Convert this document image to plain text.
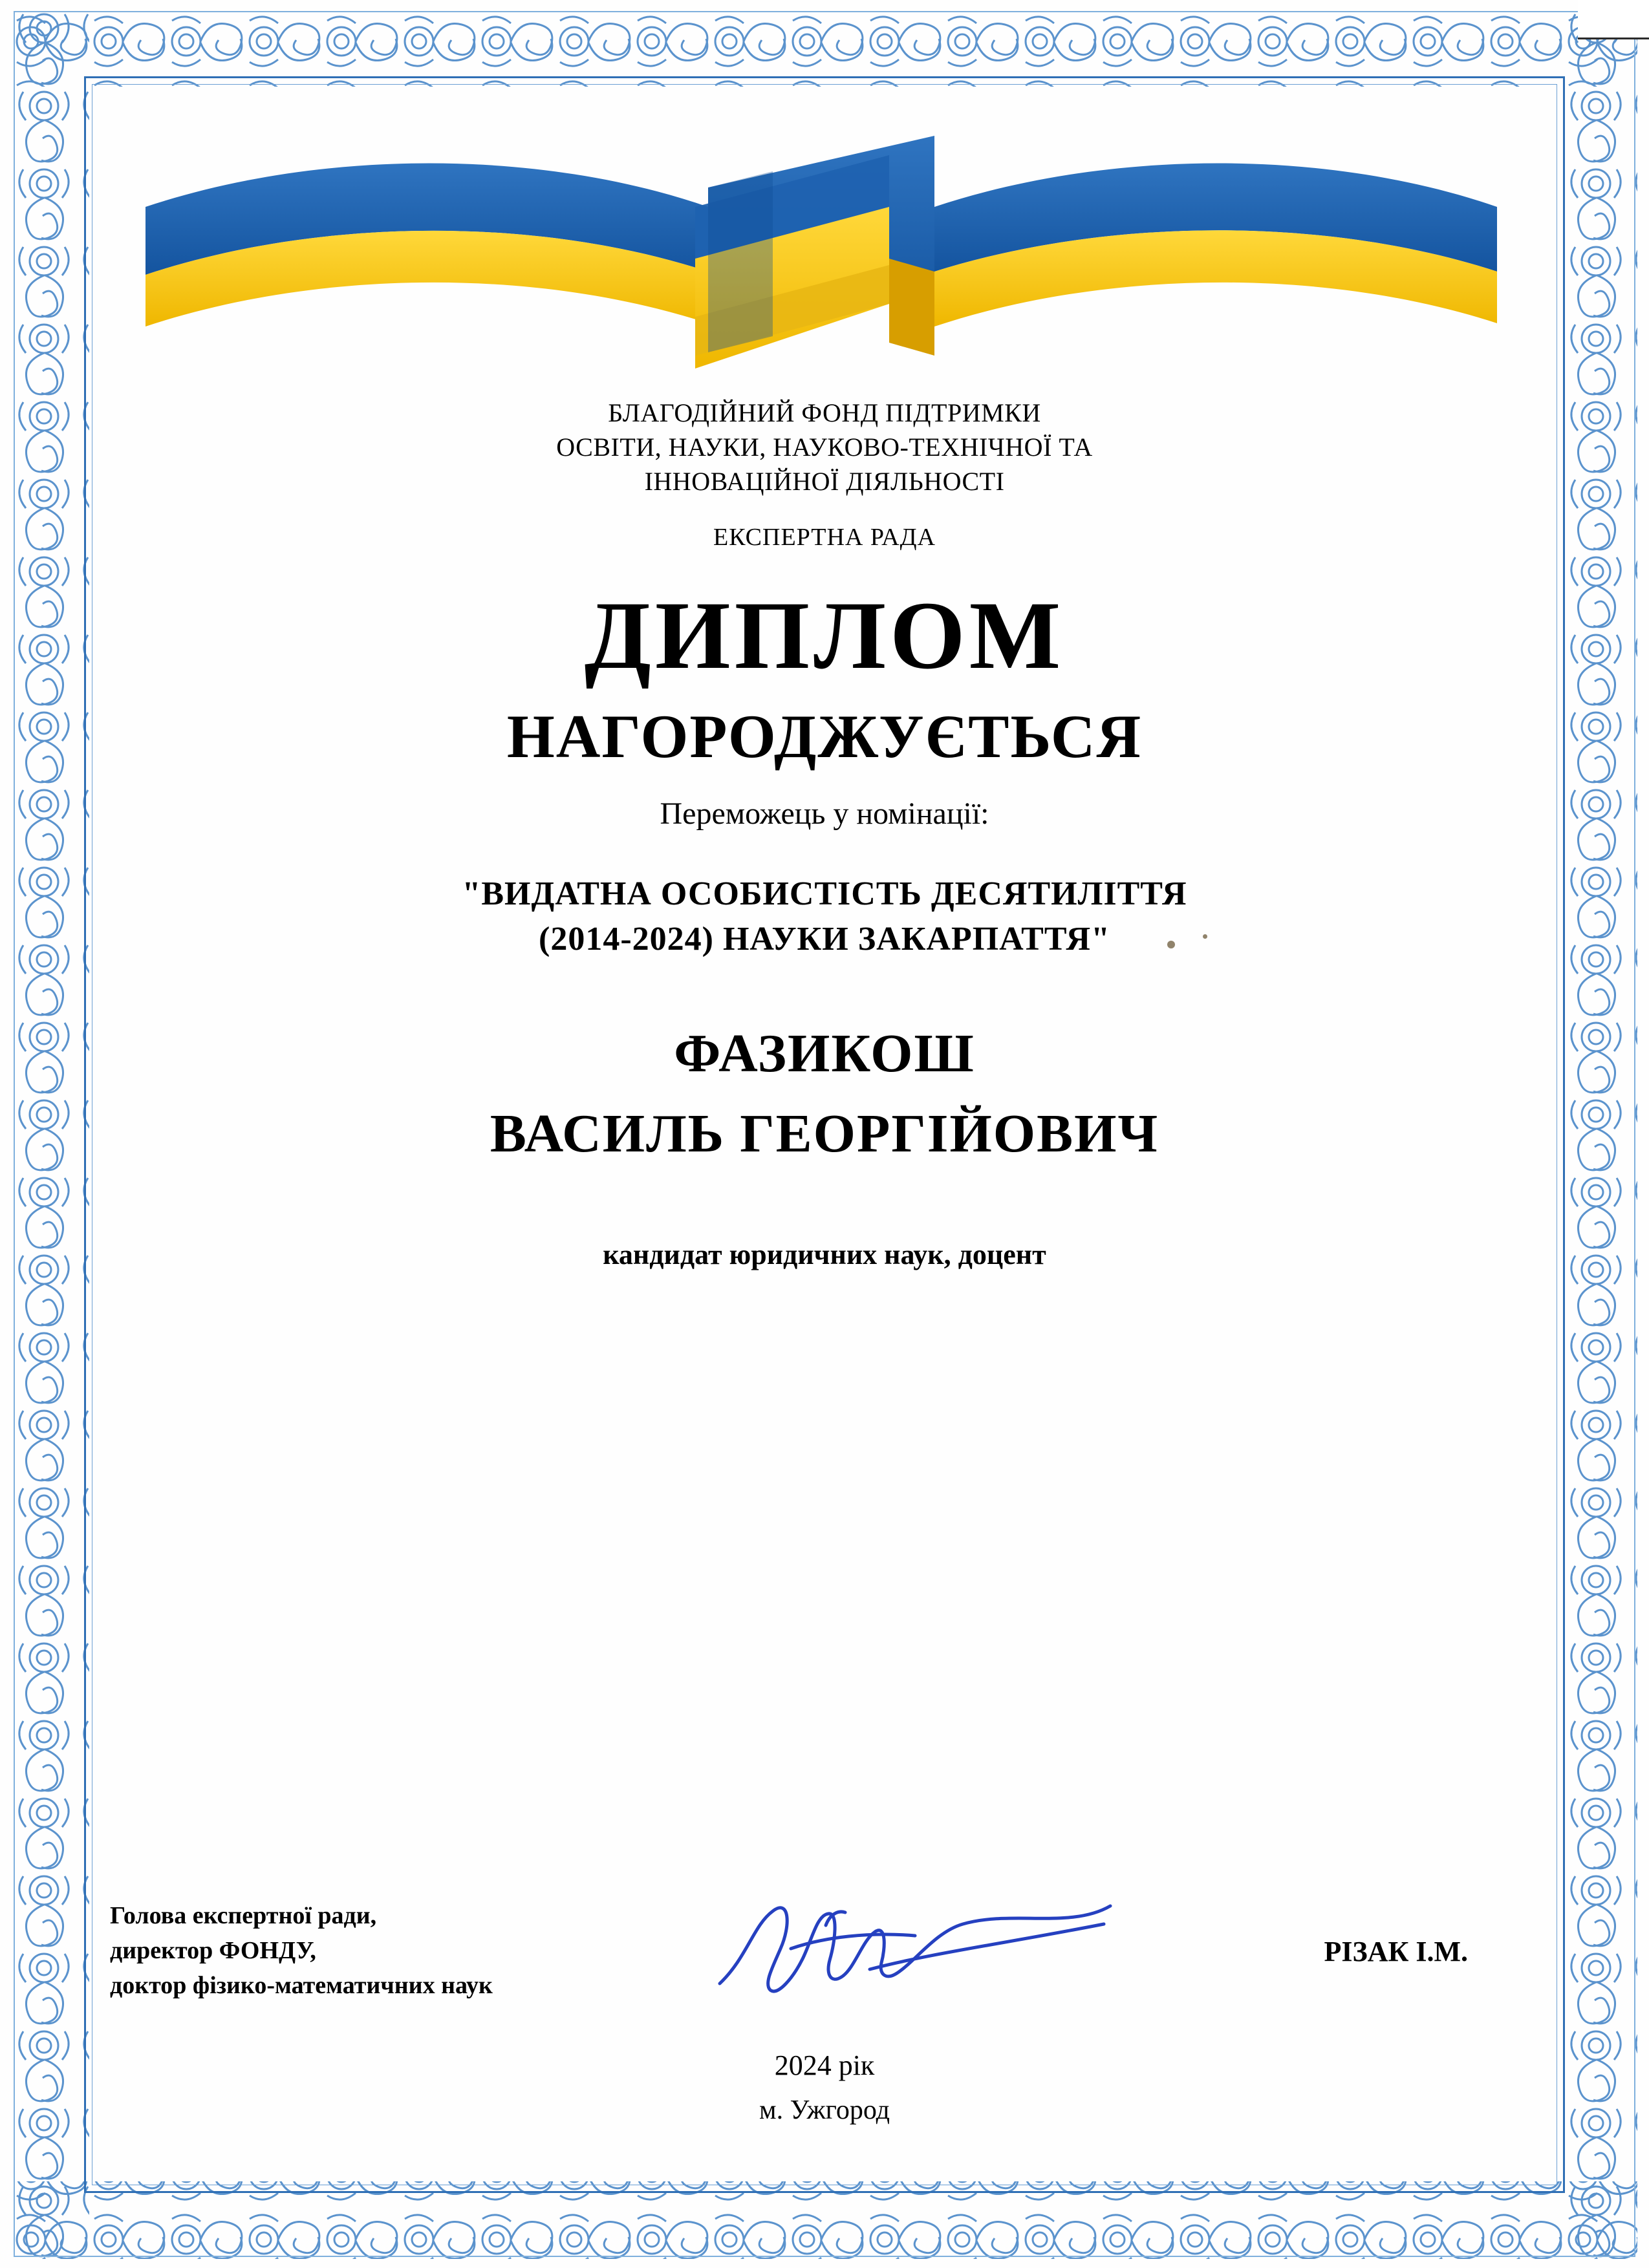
БЛАГОДІЙНИЙ ФОНД ПІДТРИМКИ
ОСВІТИ, НАУКИ, НАУКОВО-ТЕХНІЧНОЇ ТА
ІННОВАЦІЙНОЇ ДІЯЛЬНОСТІ
ЕКСПЕРТНА РАДА
ДИПЛОМ
НАГОРОДЖУЄТЬСЯ
Переможець у номінації:
"ВИДАТНА ОСОБИСТІСТЬ ДЕСЯТИЛІТТЯ
(2014-2024) НАУКИ ЗАКАРПАТТЯ"
ФАЗИКОШ
ВАСИЛЬ ГЕОРГІЙОВИЧ
кандидат юридичних наук, доцент
Голова експертної ради,
директор ФОНДУ,
доктор фізико-математичних наук
РІЗАК І.М.
2024 рік
м. Ужгород
